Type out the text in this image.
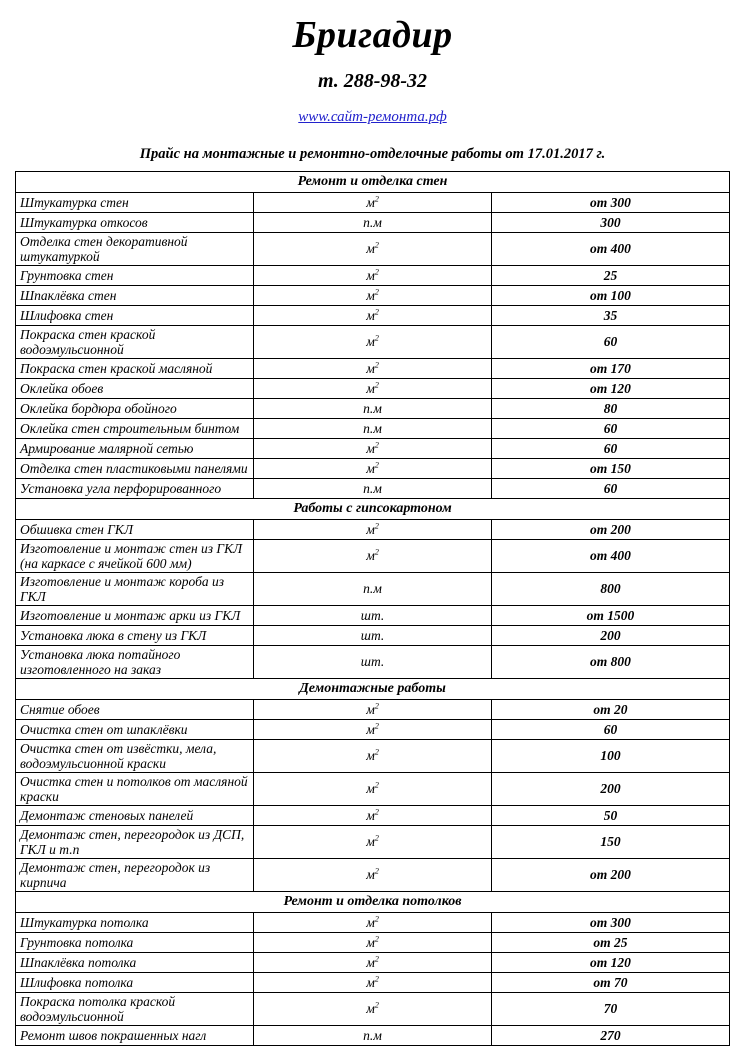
Бригадир
т. 288-98-32
www.сайт-ремонта.рф
Прайс на монтажные и ремонтно-отделочные работы от 17.01.2017 г.
Ремонт и отделка стен		
Штукатурка стен	$м^2$	от 300
Штукатурка откосов	п.м	300
Отделка стен декоративной штукатуркой	$м^2$	от 400
Грунтовка стен	$м^2$	25
Шпаклёвка стен	$м^2$	от 100
Шлифовка стен	$м^2$	35
Покраска стен краской водоэмульсионной	$м^2$	60
Покраска стен краской масляной	$м^2$	от 170
Оклейка обоев	$м^2$	от 120
Оклейка бордюра обойного	п.м	80
Оклейка стен строительным бинтом	п.м	60
Армирование малярной сетью	$м^2$	60
Отделка стен пластиковыми панелями	$м^2$	от 150
Установка угла перфорированного	п.м	60
Работы с гипсокартоном		
Обшивка стен ГКЛ	$м^2$	от 200
Изготовление и монтаж стен из ГКЛ (на каркасе с ячейкой 600 мм)	$м^2$	от 400
Изготовление и монтаж короба из ГКЛ	п.м	800
Изготовление и монтаж арки из ГКЛ	шт.	от 1500
Установка люка в стену из ГКЛ	шт.	200
Установка люка потайного изготовленного на заказ	шт.	от 800
Демонтажные работы		
Снятие обоев	$м^2$	от 20
Очистка стен от шпаклёвки	$м^2$	60
Очистка стен от извёстки, мела, водоэмульсионной краски	$м^2$	100
Очистка стен и потолков от масляной краски	$м^2$	200
Демонтаж стеновых панелей	$м^2$	50
Демонтаж стен, перегородок из ДСП, ГКЛ и т.п	$м^2$	150
Демонтаж стен, перегородок из кирпича	$м^2$	от 200
Ремонт и отделка потолков		
Штукатурка потолка	$м^2$	от 300
Грунтовка потолка	$м^2$	от 25
Шпаклёвка потолка	$м^2$	от 120
Шлифовка потолка	$м^2$	от 70
Покраска потолка краской водоэмульсионной	$м^2$	70
Ремонт швов покрашенных нагл	п.м	270
